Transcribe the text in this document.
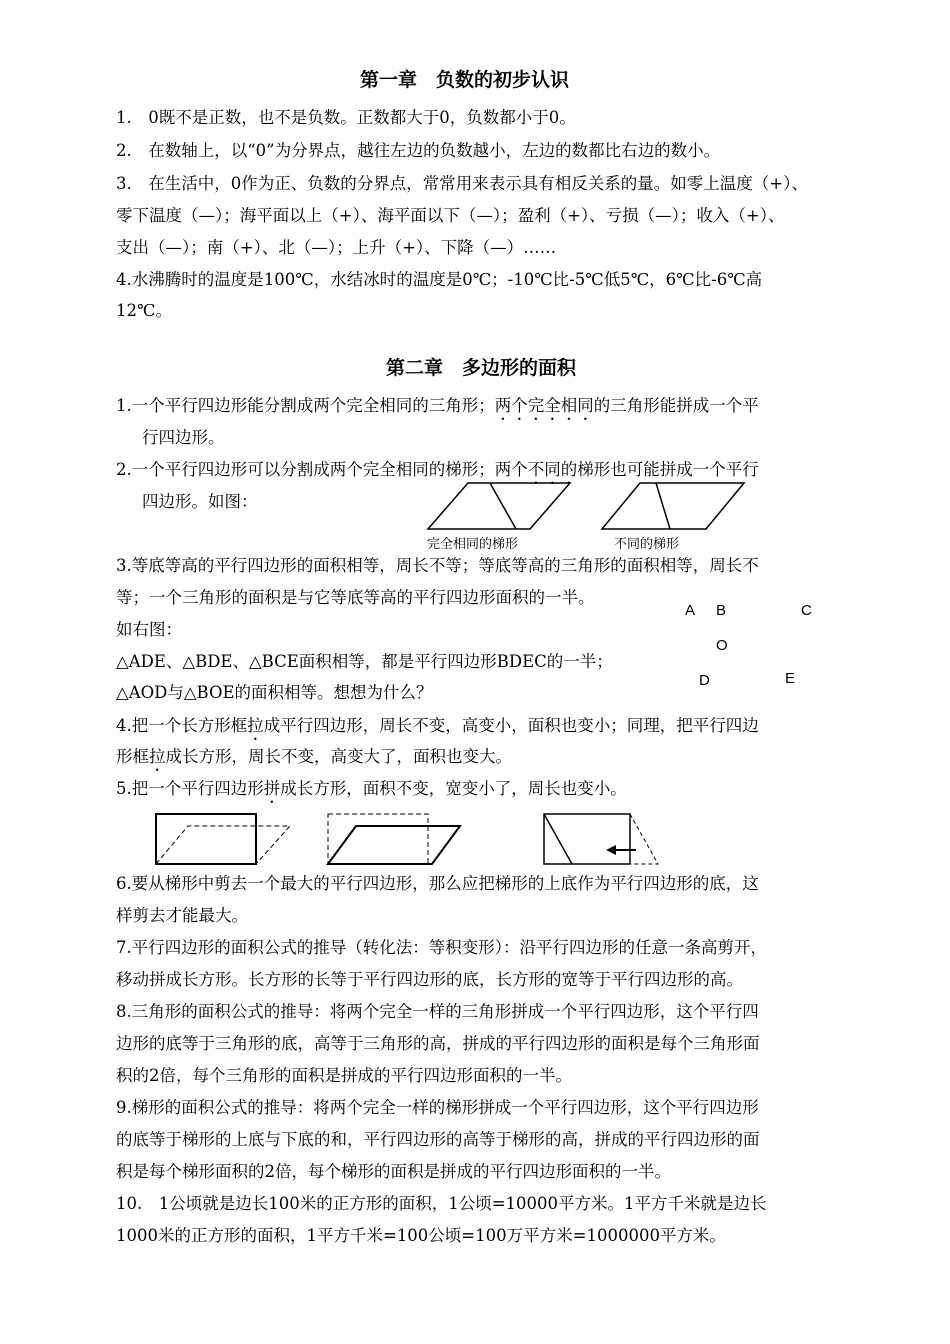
第一章　负数的初步认识
1.　0既不是正数，也不是负数。正数都大于0，负数都小于0。
2.　在数轴上，以“0”为分界点，越往左边的负数越小，左边的数都比右边的数小。
3.　在生活中，0作为正、负数的分界点，常常用来表示具有相反关系的量。如零上温度（+）、
零下温度（—）；海平面以上（+）、海平面以下（—）；盈利（+）、亏损（—）；收入（+）、
支出（—）；南（+）、北（—）；上升（+）、下降（—）……
4.水沸腾时的温度是100℃，水结冰时的温度是0℃；-10℃比-5℃低5℃，6℃比-6℃高
12℃。
第二章　多边形的面积
1.一个平行四边形能分割成两个完全相同的三角形；两个完全相同的三角形能拼成一个平
行四边形。
2.一个平行四边形可以分割成两个完全相同的梯形；两个不同的梯形也可能拼成一个平行
四边形。如图：
完全相同的梯形	不同的梯形
3.等底等高的平行四边形的面积相等，周长不等；等底等高的三角形的面积相等，周长不
等；一个三角形的面积是与它等底等高的平行四边形面积的一半。
如右图：
△ADE、△BDE、△BCE面积相等，都是平行四边形BDEC的一半；
△AOD与△BOE的面积相等。想想为什么？
A B	C
O
D	E
4.把一个长方形框拉成平行四边形，周长不变，高变小，面积也变小；同理，把平行四边
形框拉成长方形，周长不变，高变大了，面积也变大。
5.把一个平行四边形拼成长方形，面积不变，宽变小了，周长也变小。
6.要从梯形中剪去一个最大的平行四边形，那么应把梯形的上底作为平行四边形的底，这
样剪去才能最大。
7.平行四边形的面积公式的推导（转化法：等积变形）：沿平行四边形的任意一条高剪开，
移动拼成长方形。长方形的长等于平行四边形的底，长方形的宽等于平行四边形的高。
8.三角形的面积公式的推导：将两个完全一样的三角形拼成一个平行四边形，这个平行四
边形的底等于三角形的底，高等于三角形的高，拼成的平行四边形的面积是每个三角形面
积的2倍，每个三角形的面积是拼成的平行四边形面积的一半。
9.梯形的面积公式的推导：将两个完全一样的梯形拼成一个平行四边形，这个平行四边形
的底等于梯形的上底与下底的和，平行四边形的高等于梯形的高，拼成的平行四边形的面
积是每个梯形面积的2倍，每个梯形的面积是拼成的平行四边形面积的一半。
10.　1公顷就是边长100米的正方形的面积，1公顷=10000平方米。1平方千米就是边长
1000米的正方形的面积，1平方千米=100公顷=100万平方米=1000000平方米。
